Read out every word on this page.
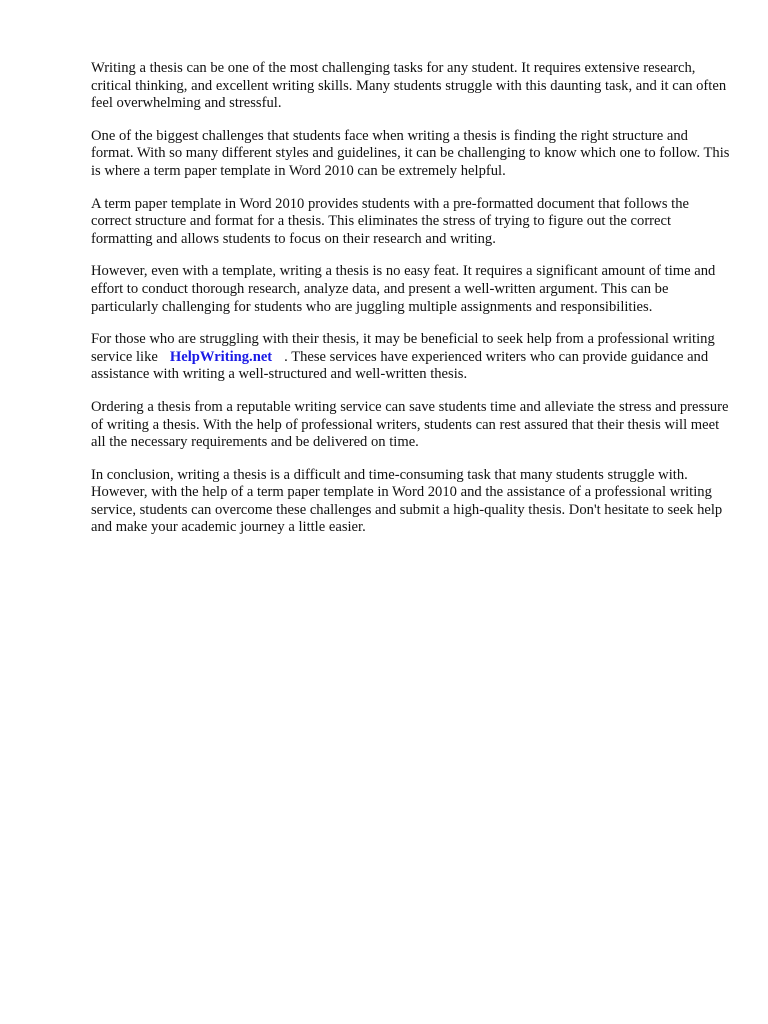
Writing a thesis can be one of the most challenging tasks for any student. It requires extensive research, critical thinking, and excellent writing skills. Many students struggle with this daunting task, and it can often feel overwhelming and stressful.

One of the biggest challenges that students face when writing a thesis is finding the right structure and format. With so many different styles and guidelines, it can be challenging to know which one to follow. This is where a term paper template in Word 2010 can be extremely helpful.

A term paper template in Word 2010 provides students with a pre-formatted document that follows the correct structure and format for a thesis. This eliminates the stress of trying to figure out the correct formatting and allows students to focus on their research and writing.

However, even with a template, writing a thesis is no easy feat. It requires a significant amount of time and effort to conduct thorough research, analyze data, and present a well-written argument. This can be particularly challenging for students who are juggling multiple assignments and responsibilities.

For those who are struggling with their thesis, it may be beneficial to seek help from a professional writing service like HelpWriting.net . These services have experienced writers who can provide guidance and assistance with writing a well-structured and well-written thesis.

Ordering a thesis from a reputable writing service can save students time and alleviate the stress and pressure of writing a thesis. With the help of professional writers, students can rest assured that their thesis will meet all the necessary requirements and be delivered on time.

In conclusion, writing a thesis is a difficult and time-consuming task that many students struggle with. However, with the help of a term paper template in Word 2010 and the assistance of a professional writing service, students can overcome these challenges and submit a high-quality thesis. Don't hesitate to seek help and make your academic journey a little easier.
